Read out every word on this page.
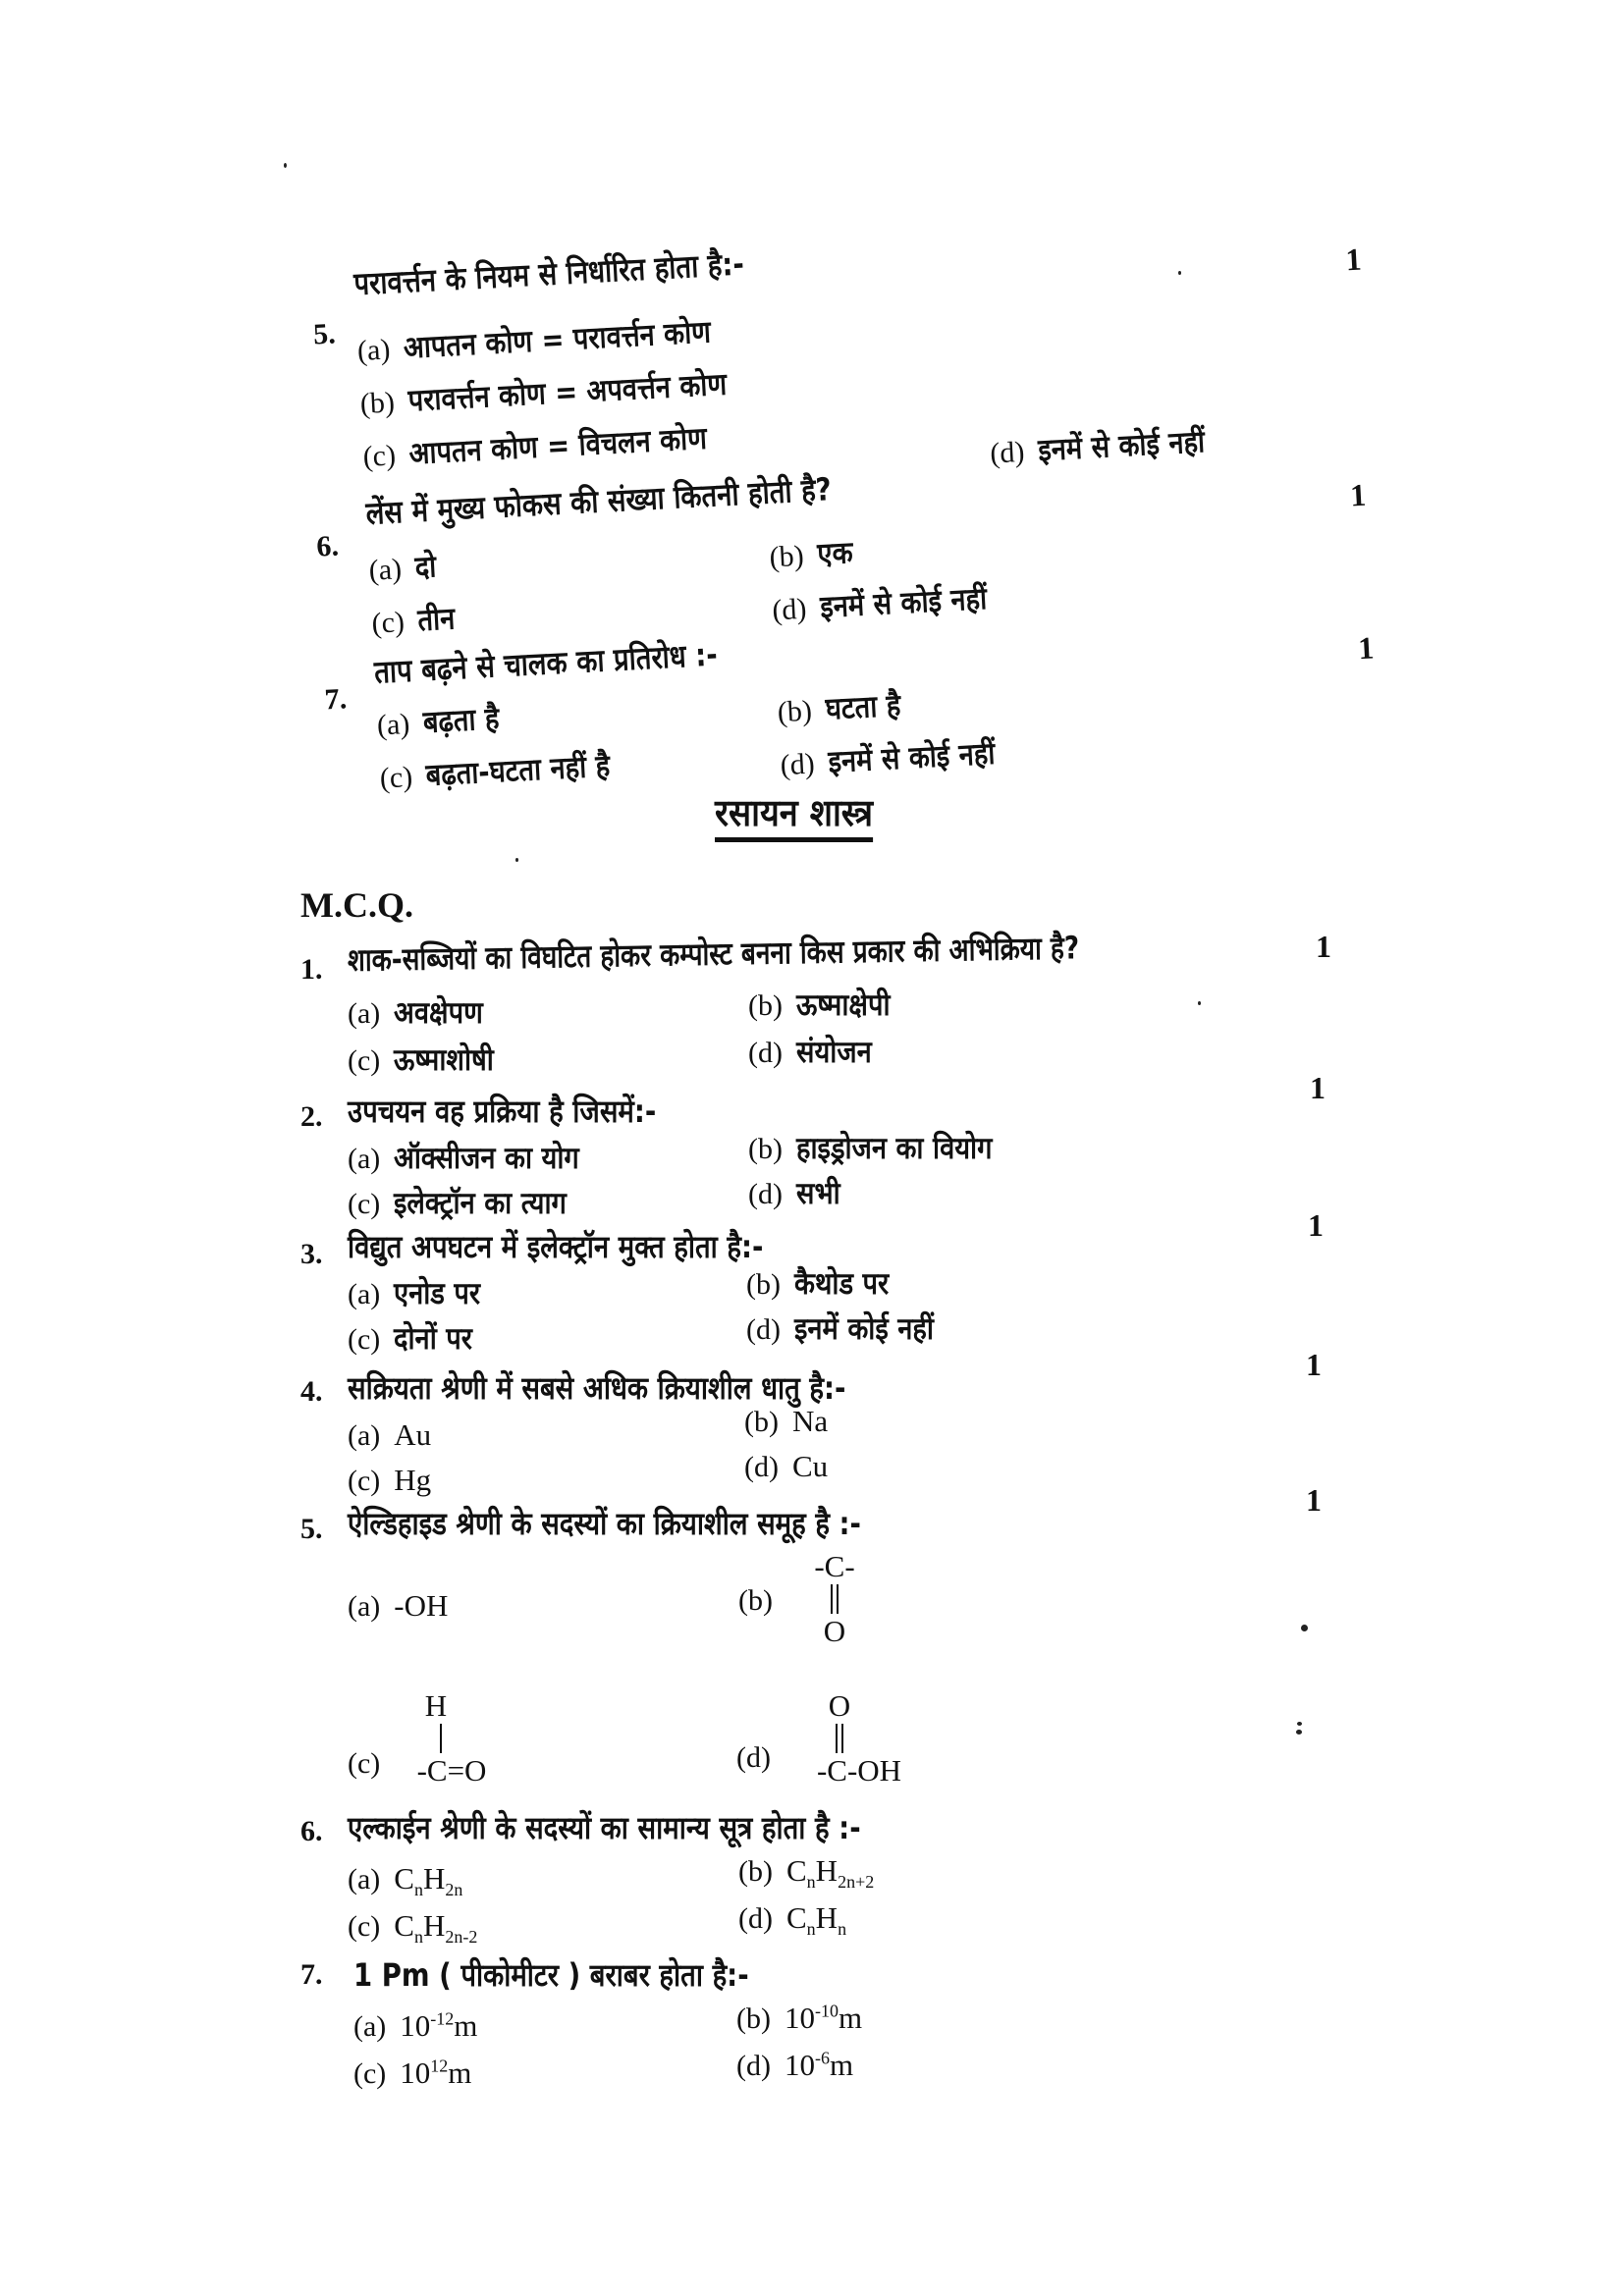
5.
परावर्त्तन के नियम से निर्धारित होता है:-	1
(a) आपतन कोण = परावर्त्तन कोण
(b) परावर्त्तन कोण = अपवर्त्तन कोण
(c) आपतन कोण = विचलन कोण	(d) इनमें से कोई नहीं
6.
लेंस में मुख्य फोकस की संख्या कितनी होती है?	1
(a) दो	(b) एक
(c) तीन	(d) इनमें से कोई नहीं
7.
ताप बढ़ने से चालक का प्रतिरोध :-	1
(a) बढ़ता है	(b) घटता है
(c) बढ़ता-घटता नहीं है	(d) इनमें से कोई नहीं
रसायन शास्त्र
M.C.Q.
1. शाक-सब्जियों का विघटित होकर कम्पोस्ट बनना किस प्रकार की अभिक्रिया है?	1
(a) अवक्षेपण	(b) ऊष्माक्षेपी
(c) ऊष्माशोषी	(d) संयोजन
2. उपचयन वह प्रक्रिया है जिसमें:-
1
(a) ऑक्सीजन का योग	(b) हाइड्रोजन का वियोग
(c) इलेक्ट्रॉन का त्याग	(d) सभी
3. विद्युत अपघटन में इलेक्ट्रॉन मुक्त होता है:-
1
(a) एनोड पर	(b) कैथोड पर
(c) दोनों पर	(d) इनमें कोई नहीं
4. सक्रियता श्रेणी में सबसे अधिक क्रियाशील धातु है:-
1
(a) Au	(b) Na
(c) Hg	(d) Cu
5. ऐल्डिहाइड श्रेणी के सदस्यों का क्रियाशील समूह है :-
1
(a) -OH	(b)
-C-
O
(c)
H
-C=O	(d)
O
-C-OH
6. एल्काईन श्रेणी के सदस्यों का सामान्य सूत्र होता है :-
(a) $C_nH_{2n}$
(b) $C_nH_{2n+2}$
(c) $C_nH_{2n-2}$
(d) $C_nH_n$
7. 1 Pm ( पीकोमीटर ) बराबर होता है:-
(a) $10^{-12}m$	(b) $10^{-10}m$
(c) $10^{12}m$	(d) $10^{-6}m$
